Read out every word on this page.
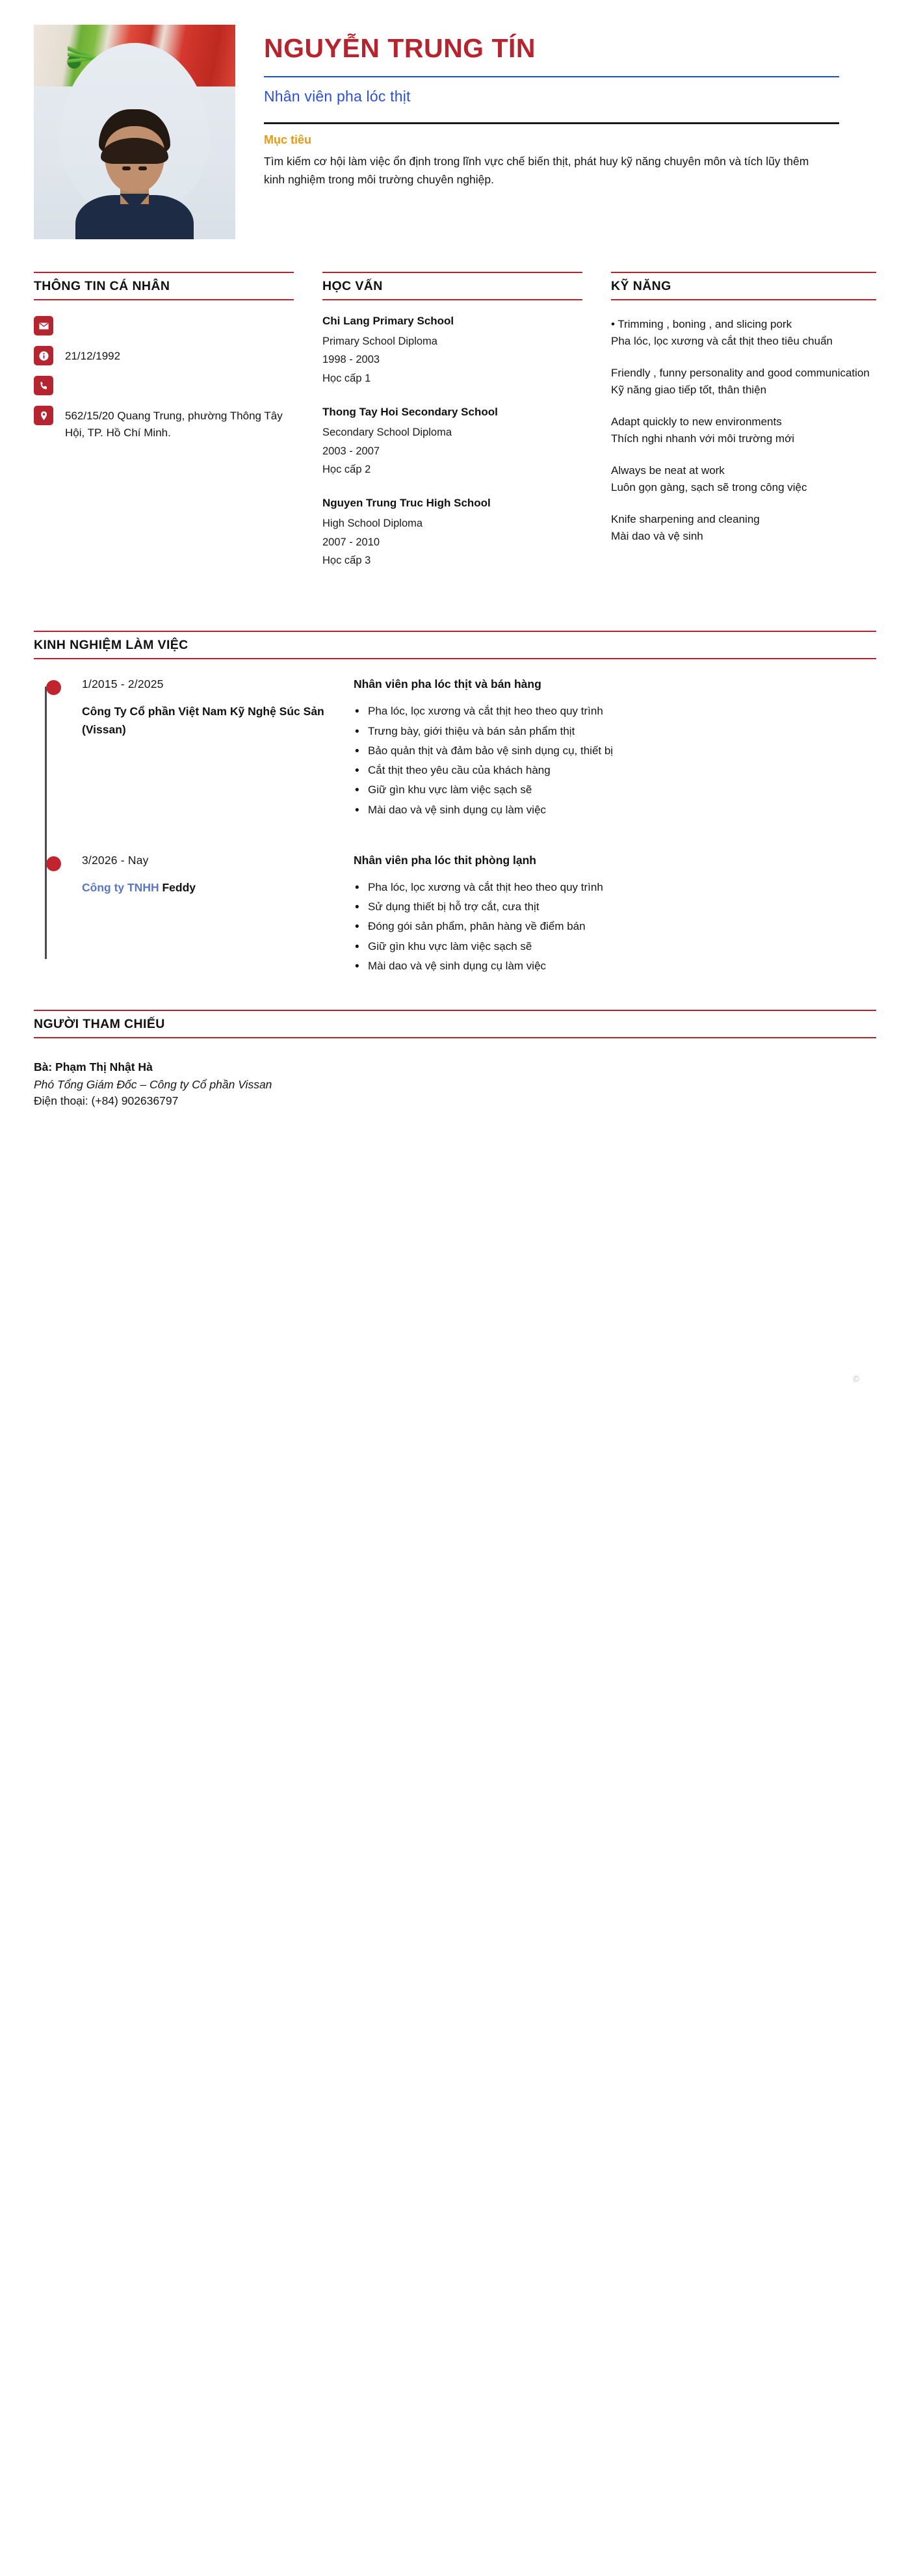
NGUYỄN TRUNG TÍN
Nhân viên pha lóc thịt
Mục tiêu
Tìm kiếm cơ hội làm việc ổn định trong lĩnh vực chế biến thịt, phát huy kỹ năng chuyên môn và tích lũy thêm kinh nghiệm trong môi trường chuyên nghiệp.
THÔNG TIN CÁ NHÂN
21/12/1992
562/15/20 Quang Trung, phường Thông Tây Hội, TP. Hồ Chí Minh.
HỌC VẤN
Chi Lang Primary School
Primary School Diploma
1998 - 2003
Học cấp 1
Thong Tay Hoi Secondary School
Secondary School Diploma
2003 - 2007
Học cấp 2
Nguyen Trung Truc High School
High School Diploma
2007 - 2010
Học cấp 3
KỸ NĂNG
• Trimming , boning , and slicing pork
Pha lóc, lọc xương và cắt thịt theo tiêu chuẩn
Friendly , funny personality and good communication
Kỹ năng giao tiếp tốt, thân thiện
Adapt quickly to new environments
Thích nghi nhanh với môi trường mới
Always be neat at work
Luôn gọn gàng, sạch sẽ trong công việc
Knife sharpening and cleaning
Mài dao và vệ sinh
KINH NGHIỆM LÀM VIỆC
1/2015 - 2/2025
Công Ty Cổ phần Việt Nam Kỹ Nghệ Súc Sản (Vissan)
Nhân viên pha lóc thịt và bán hàng
• Pha lóc, lọc xương và cắt thịt heo theo quy trình
• Trưng bày, giới thiệu và bán sản phẩm thịt
• Bảo quản thịt và đảm bảo vệ sinh dụng cụ, thiết bị
• Cắt thịt theo yêu cầu của khách hàng
• Giữ gìn khu vực làm việc sạch sẽ
• Mài dao và vệ sinh dụng cụ làm việc
3/2026 - Nay
Công ty TNHH Feddy
Nhân viên pha lóc thit phòng lạnh
• Pha lóc, lọc xương và cắt thịt heo theo quy trình
• Sử dụng thiết bị hỗ trợ cắt, cưa thịt
• Đóng gói sản phẩm, phân hàng về điểm bán
• Giữ gìn khu vực làm việc sạch sẽ
• Mài dao và vệ sinh dụng cụ làm việc
NGƯỜI THAM CHIẾU
Bà: Phạm Thị Nhật Hà
Phó Tổng Giám Đốc – Công ty Cổ phần Vissan
Điện thoại: (+84) 902636797
©
